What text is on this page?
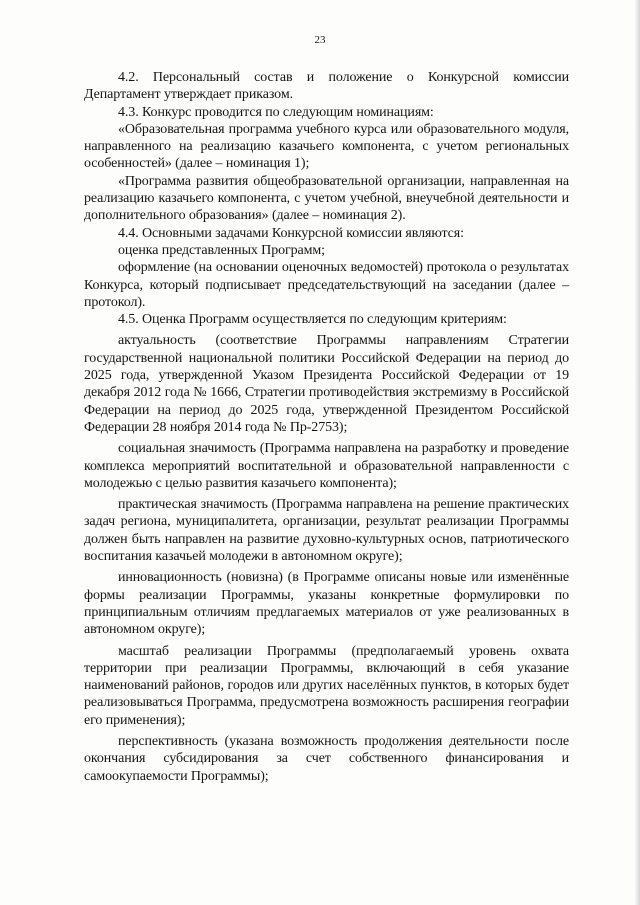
23

4.2. Персональный состав и положение о Конкурсной комиссии Департамент утверждает приказом.

4.3. Конкурс проводится по следующим номинациям:

«Образовательная программа учебного курса или образовательного модуля, направленного на реализацию казачьего компонента, с учетом региональных особенностей» (далее – номинация 1);

«Программа развития общеобразовательной организации, направленная на реализацию казачьего компонента, с учетом учебной, внеучебной деятельности и дополнительного образования» (далее – номинация 2).

4.4. Основными задачами Конкурсной комиссии являются:

оценка представленных Программ;

оформление (на основании оценочных ведомостей) протокола о результатах Конкурса, который подписывает председательствующий на заседании (далее – протокол).

4.5. Оценка Программ осуществляется по следующим критериям:

актуальность (соответствие Программы направлениям Стратегии государственной национальной политики Российской Федерации на период до 2025 года, утвержденной Указом Президента Российской Федерации от 19 декабря 2012 года № 1666, Стратегии противодействия экстремизму в Российской Федерации на период до 2025 года, утвержденной Президентом Российской Федерации 28 ноября 2014 года № Пр-2753);

социальная значимость (Программа направлена на разработку и проведение комплекса мероприятий воспитательной и образовательной направленности с молодежью с целью развития казачьего компонента);

практическая значимость (Программа направлена на решение практических задач региона, муниципалитета, организации, результат реализации Программы должен быть направлен на развитие духовно-культурных основ, патриотического воспитания казачьей молодежи в автономном округе);

инновационность (новизна) (в Программе описаны новые или изменённые формы реализации Программы, указаны конкретные формулировки по принципиальным отличиям предлагаемых материалов от уже реализованных в автономном округе);

масштаб реализации Программы (предполагаемый уровень охвата территории при реализации Программы, включающий в себя указание наименований районов, городов или других населённых пунктов, в которых будет реализовываться Программа, предусмотрена возможность расширения географии его применения);

перспективность (указана возможность продолжения деятельности после окончания субсидирования за счет собственного финансирования и самоокупаемости Программы);
